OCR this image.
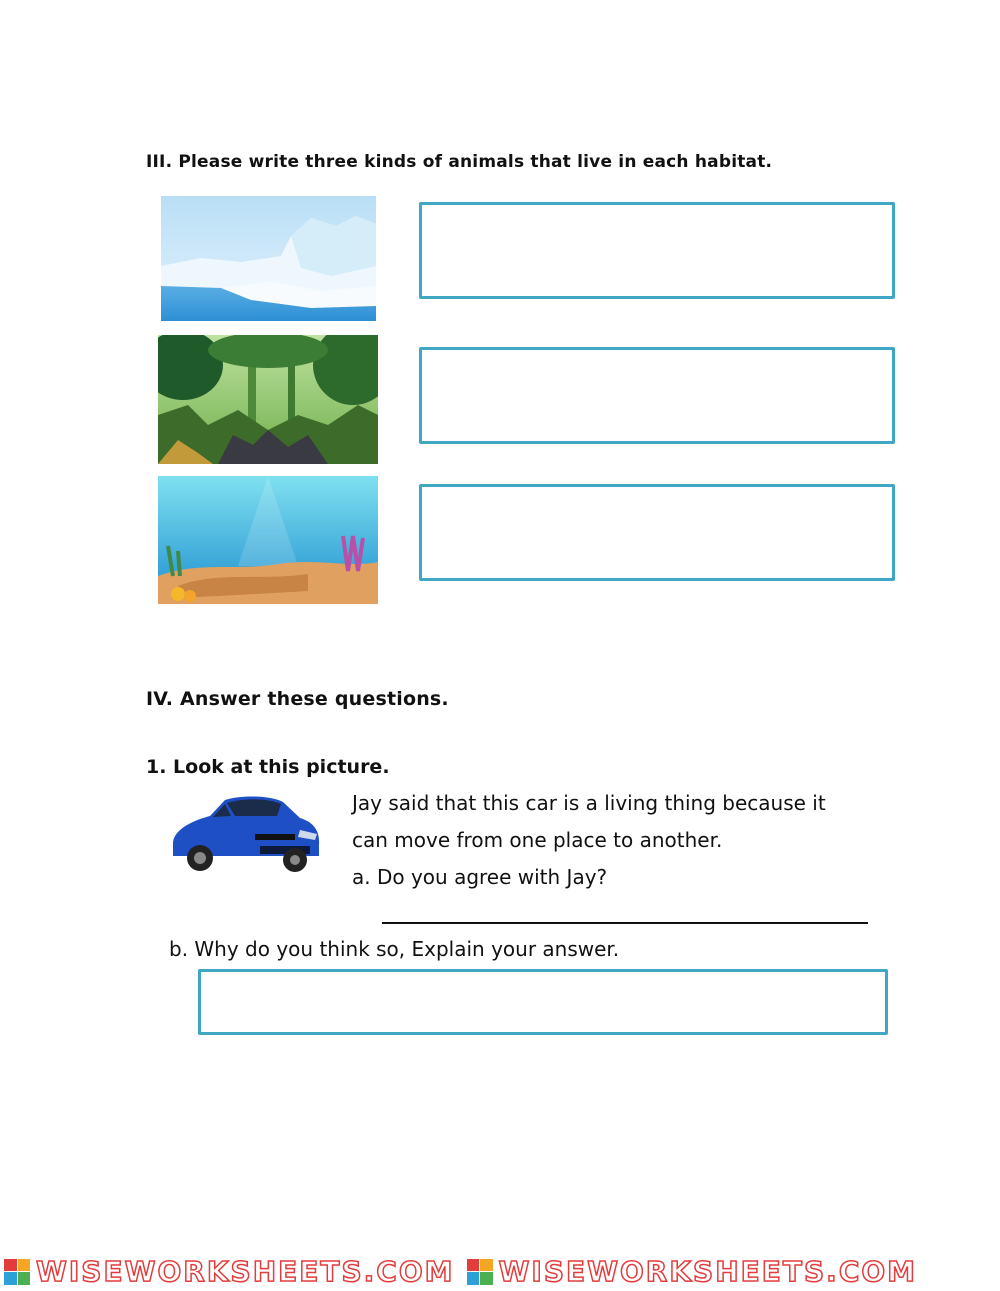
III. Please write three kinds of animals that live in each habitat.
IV. Answer these questions.
1. Look at this picture.
Jay said that this car is a living thing because it
can move from one place to another.
a. Do you agree with Jay?
b. Why do you think so, Explain your answer.
WISEWORKSHEETS.COM WISEWORKSHEETS.COM
